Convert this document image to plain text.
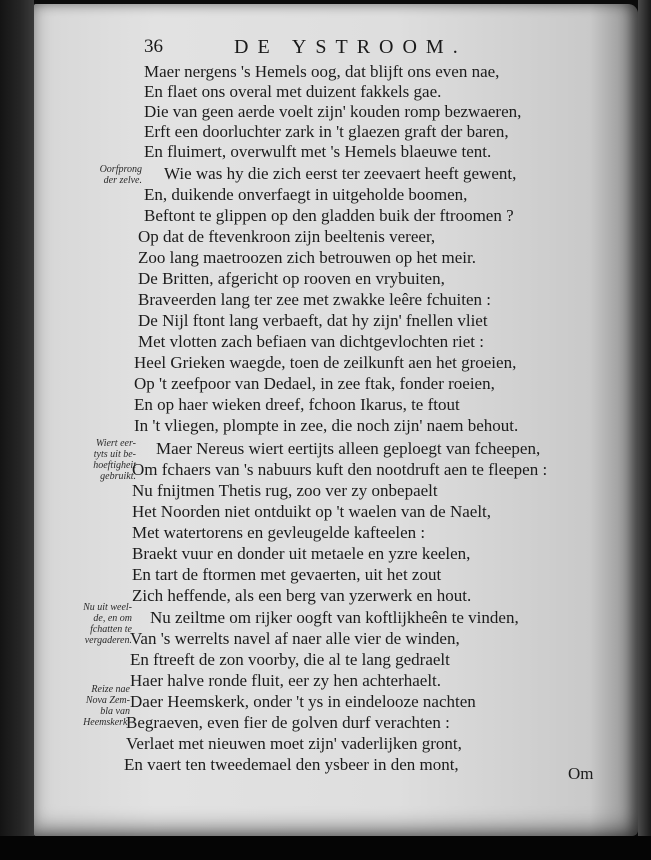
36	DE YSTROOM.
Maer nergens 's Hemels oog, dat blijft ons even nae,
En flaet ons overal met duizent fakkels gae.
Die van geen aerde voelt zijn' kouden romp bezwaeren,
Erft een doorluchter zark in 't glaezen graft der baren,
En fluimert, overwulft met 's Hemels blaeuwe tent.
Wie was hy die zich eerst ter zeevaert heeft gewent,
En, duikende onverfaegt in uitgeholde boomen,
Beftont te glippen op den gladden buik der ftroomen ?
Op dat de ftevenkroon zijn beeltenis vereer,
Zoo lang maetroozen zich betrouwen op het meir.
De Britten, afgericht op rooven en vrybuiten,
Braveerden lang ter zee met zwakke leêre fchuiten :
De Nijl ftont lang verbaeft, dat hy zijn' fnellen vliet
Met vlotten zach befiaen van dichtgevlochten riet :
Heel Grieken waegde, toen de zeilkunft aen het groeien,
Op 't zeefpoor van Dedael, in zee ftak, fonder roeien,
En op haer wieken dreef, fchoon Ikarus, te ftout
In 't vliegen, plompte in zee, die noch zijn' naem behout.
Maer Nereus wiert eertijts alleen geploegt van fcheepen,
Om fchaers van 's nabuurs kuft den nootdruft aen te fleepen :
Nu fnijtmen Thetis rug, zoo ver zy onbepaelt
Het Noorden niet ontduikt op 't waelen van de Naelt,
Met watertorens en gevleugelde kafteelen :
Braekt vuur en donder uit metaele en yzre keelen,
En tart de ftormen met gevaerten, uit het zout
Zich heffende, als een berg van yzerwerk en hout.
Nu zeiltme om rijker oogft van koftlijkheên te vinden,
Van 's werrelts navel af naer alle vier de winden,
En ftreeft de zon voorby, die al te lang gedraelt
Haer halve ronde fluit, eer zy hen achterhaelt.
Daer Heemskerk, onder 't ys in eindelooze nachten
Begraeven, even fier de golven durf verachten :
Verlaet met nieuwen moet zijn' vaderlijken gront,
En vaert ten tweedemael den ysbeer in den mont,
Oorfprong
der zelve.
Wiert eer-
tyts uit be-
hoeftigheit
gebruikt.
Nu uit weel-
de, en om
fchatten te
vergaderen.
Reize nae
Nova Zem-
bla van
Heemskerk.
Om
